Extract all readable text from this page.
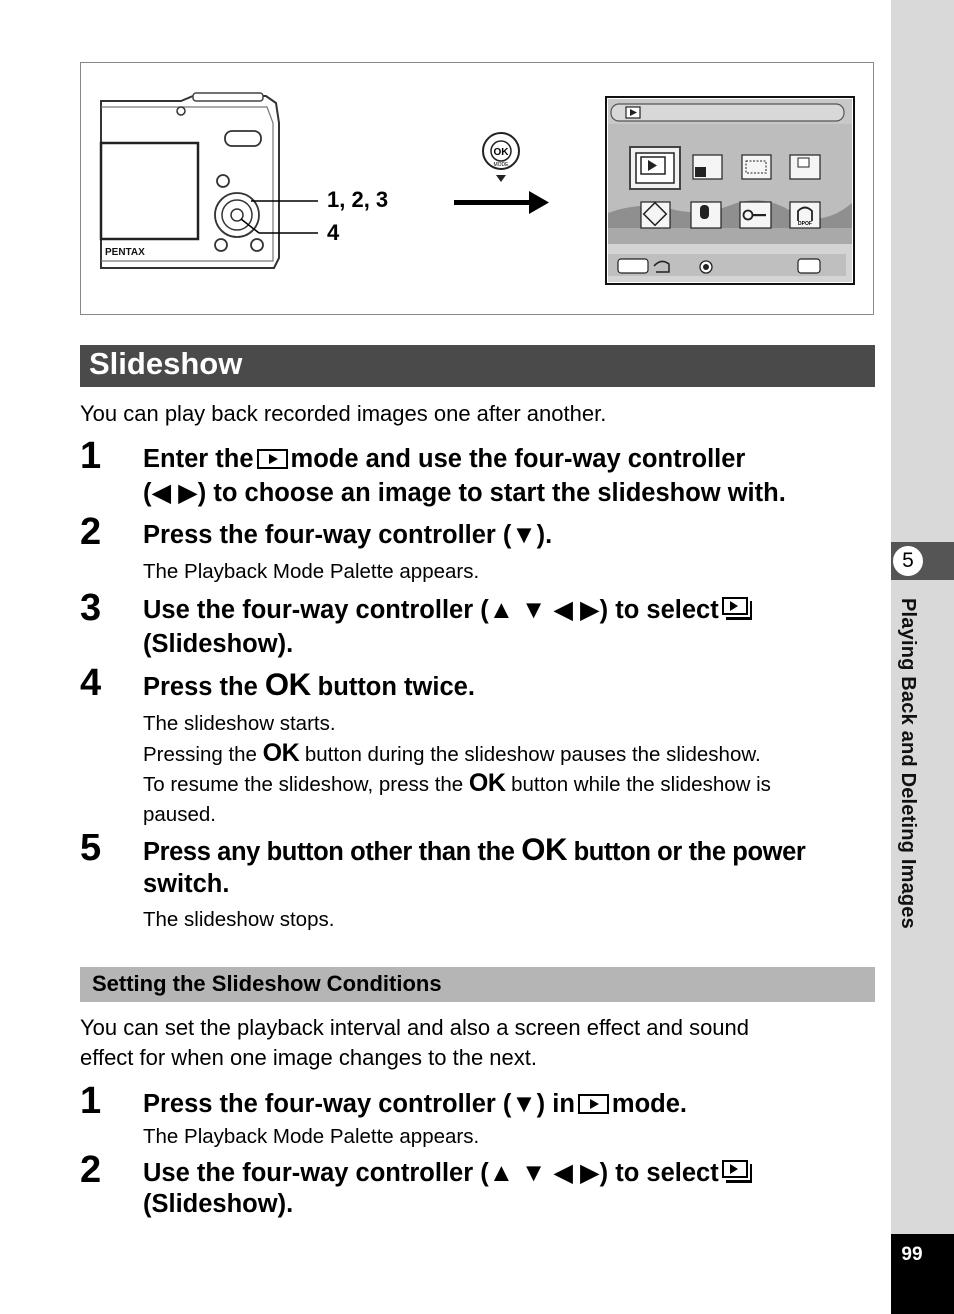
PENTAX
OK
MODE
DPOF
1, 2, 3
4
5
Playing Back and Deleting Images
99
Slideshow
You can play back recorded images one after another.
1 Enter the mode and use the four-way controller
(◀ ▶) to choose an image to start the slideshow with.
2 Press the four-way controller (▼).
The Playback Mode Palette appears.
3 Use the four-way controller (▲ ▼ ◀ ▶) to select
(Slideshow).
4 Press the OK button twice.
The slideshow starts.
Pressing the OK button during the slideshow pauses the slideshow.
To resume the slideshow, press the OK button while the slideshow is
paused.
5 Press any button other than the OK button or the power
switch.
The slideshow stops.
Setting the Slideshow Conditions
You can set the playback interval and also a screen effect and sound
effect for when one image changes to the next.
1 Press the four-way controller (▼) in mode.
The Playback Mode Palette appears.
2 Use the four-way controller (▲ ▼ ◀ ▶) to select
(Slideshow).
